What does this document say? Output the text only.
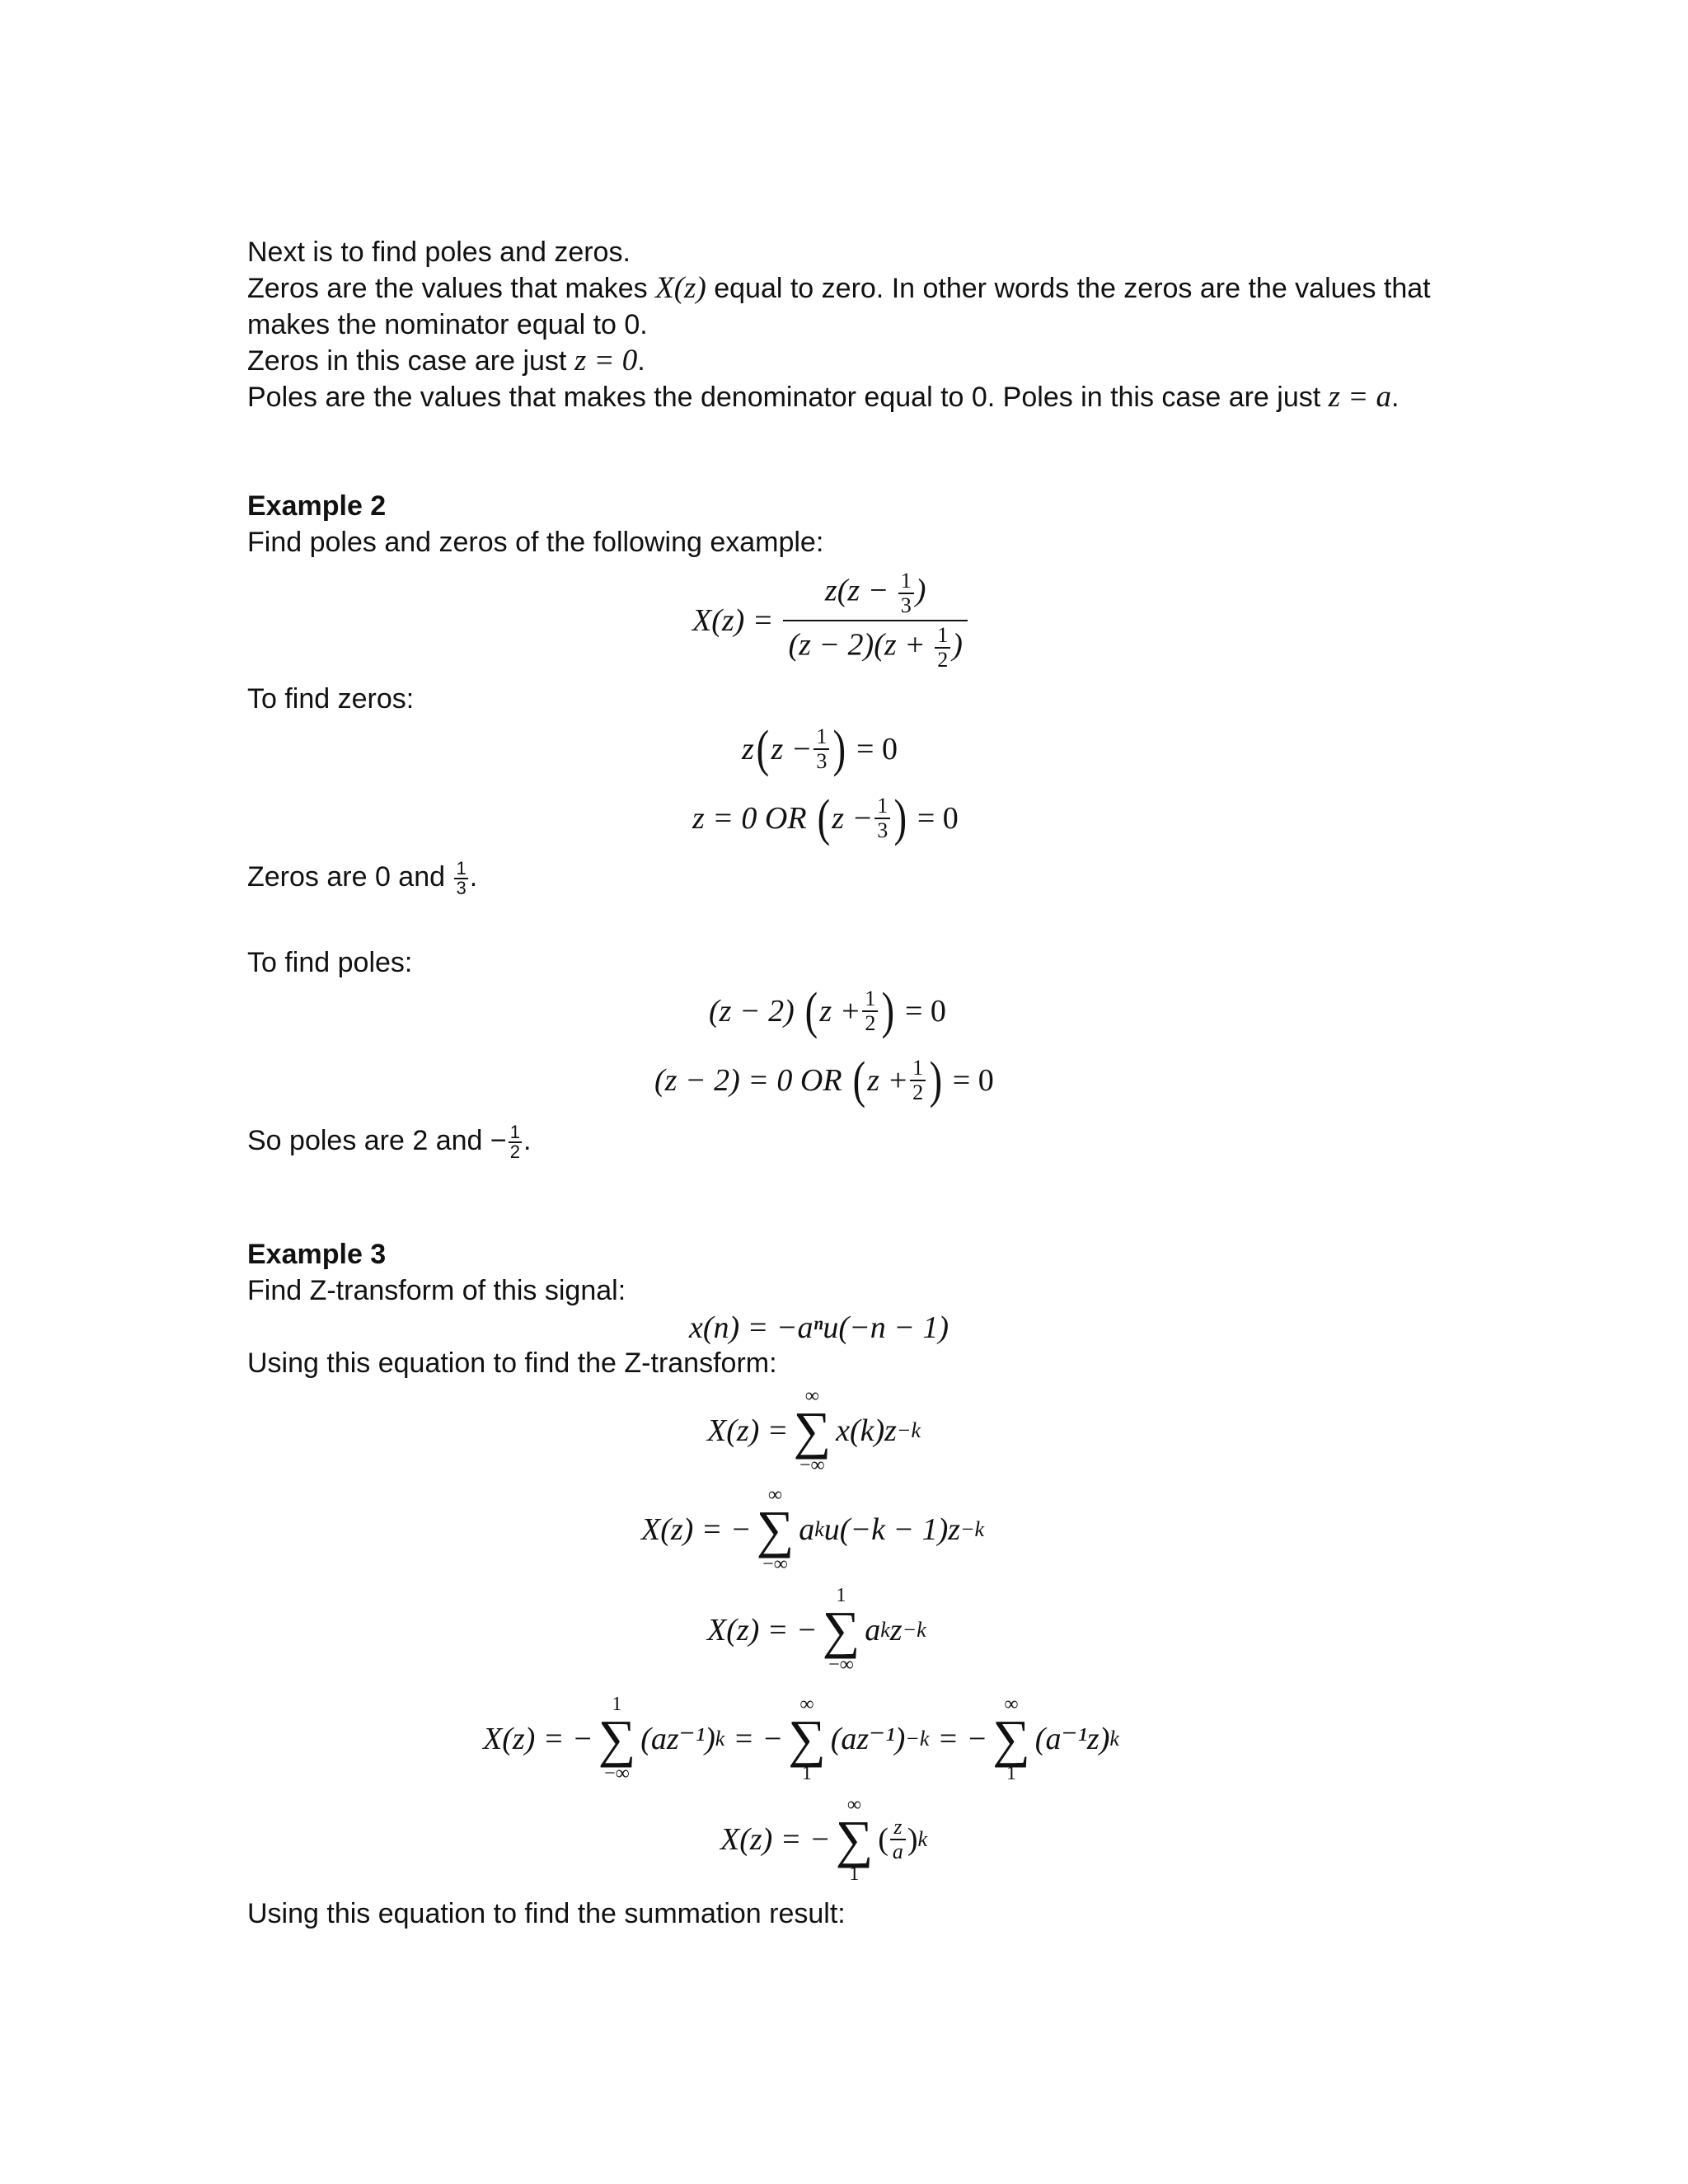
Next is to find poles and zeros.

Zeros are the values that makes X(z) equal to zero. In other words the zeros are the values that

makes the nominator equal to 0.

Zeros in this case are just z = 0.

Poles are the values that makes the denominator equal to 0. Poles in this case are just z = a.

Example 2

Find poles and zeros of the following example:

$X(z) = \frac{z(z - \frac{1}{3} )}{(z - 2)(z + \frac{1}{2} )}$

To find zeros:

z ( $z - \frac{1}{3}$ ) = 0
z = 0 OR ( $z - \frac{1}{3}$ ) = 0

Zeros are 0 and $\frac{1}{3}$ .

To find poles:

(z − 2) ( $z + \frac{1}{2}$ ) = 0
(z − 2) = 0 OR ( $z + \frac{1}{2}$ ) = 0

So poles are 2 and − $\frac{1}{2}$ .

Example 3

Find Z-transform of this signal:

x(n) = −aⁿu(−n − 1)

Using this equation to find the Z-transform:

X(z) =
∞
∑
−∞
x(k)z −k
X(z) = −
∞
∑
−∞
a k u(−k − 1)z −k
X(z) = −
1
∑
−∞
a k z −k
X(z) = −
1
∑
−∞
(az⁻¹) k = −
∞
∑
1
(az⁻¹) −k = −
∞
∑
1
(a⁻¹z) k
X(z) = −
∞
∑
1
( $\frac{z}{a}$ ) k

Using this equation to find the summation result:
